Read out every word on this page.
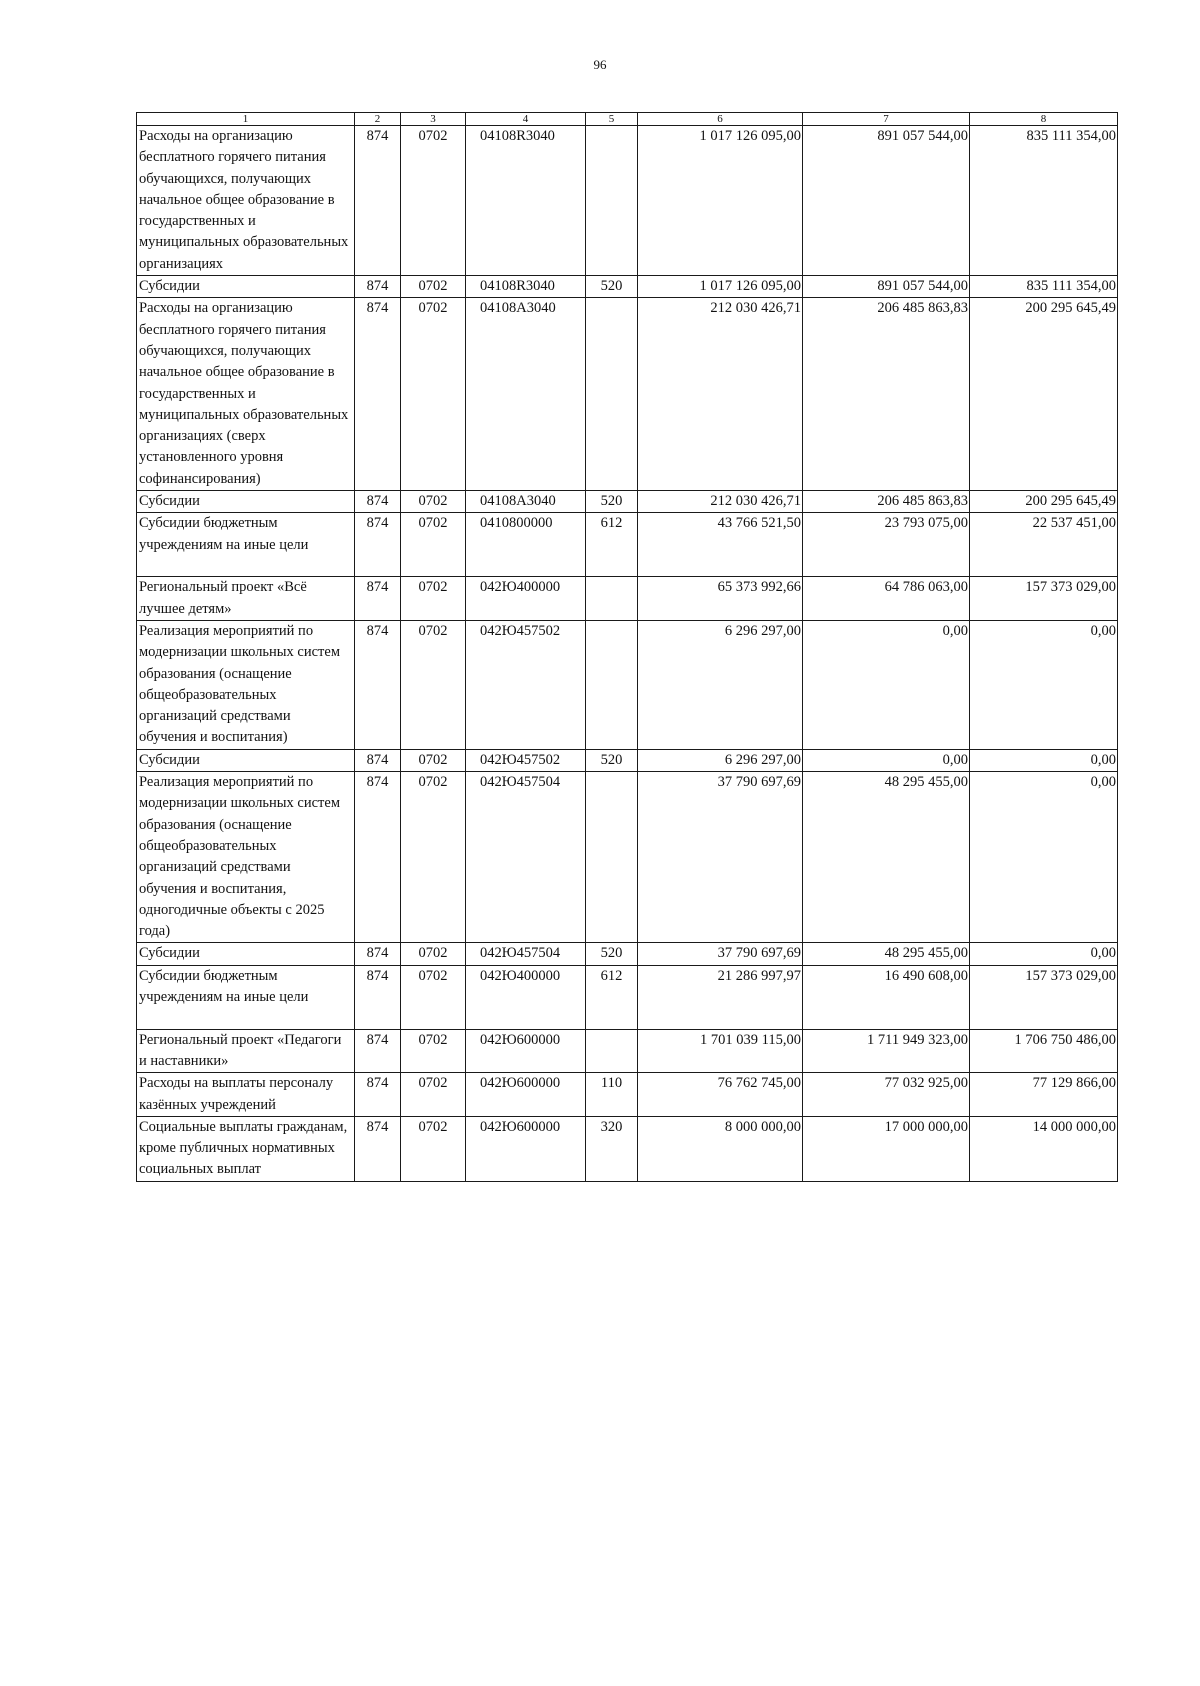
96
1	2	3	4	5	6	7	8
Расходы на организацию бесплатного горячего питания обучающихся, получающих начальное общее образование в государственных и муниципальных образовательных организациях	874	0702	04108R3040		1 017 126 095,00	891 057 544,00	835 111 354,00
Субсидии	874	0702	04108R3040	520	1 017 126 095,00	891 057 544,00	835 111 354,00
Расходы на организацию бесплатного горячего питания обучающихся, получающих начальное общее образование в государственных и муниципальных образовательных организациях (сверх установленного уровня софинансирования)	874	0702	04108A3040		212 030 426,71	206 485 863,83	200 295 645,49
Субсидии	874	0702	04108A3040	520	212 030 426,71	206 485 863,83	200 295 645,49
Субсидии бюджетным учреждениям на иные цели	874	0702	0410800000	612	43 766 521,50	23 793 075,00	22 537 451,00
Региональный проект «Всё лучшее детям»	874	0702	042Ю400000		65 373 992,66	64 786 063,00	157 373 029,00
Реализация мероприятий по модернизации школьных систем образования (оснащение общеобразовательных организаций средствами обучения и воспитания)	874	0702	042Ю457502		6 296 297,00	0,00	0,00
Субсидии	874	0702	042Ю457502	520	6 296 297,00	0,00	0,00
Реализация мероприятий по модернизации школьных систем образования (оснащение общеобразовательных организаций средствами обучения и воспитания, одногодичные объекты с 2025 года)	874	0702	042Ю457504		37 790 697,69	48 295 455,00	0,00
Субсидии	874	0702	042Ю457504	520	37 790 697,69	48 295 455,00	0,00
Субсидии бюджетным учреждениям на иные цели	874	0702	042Ю400000	612	21 286 997,97	16 490 608,00	157 373 029,00
Региональный проект «Педагоги и наставники»	874	0702	042Ю600000		1 701 039 115,00	1 711 949 323,00	1 706 750 486,00
Расходы на выплаты персоналу казённых учреждений	874	0702	042Ю600000	110	76 762 745,00	77 032 925,00	77 129 866,00
Социальные выплаты гражданам, кроме публичных нормативных социальных выплат	874	0702	042Ю600000	320	8 000 000,00	17 000 000,00	14 000 000,00
